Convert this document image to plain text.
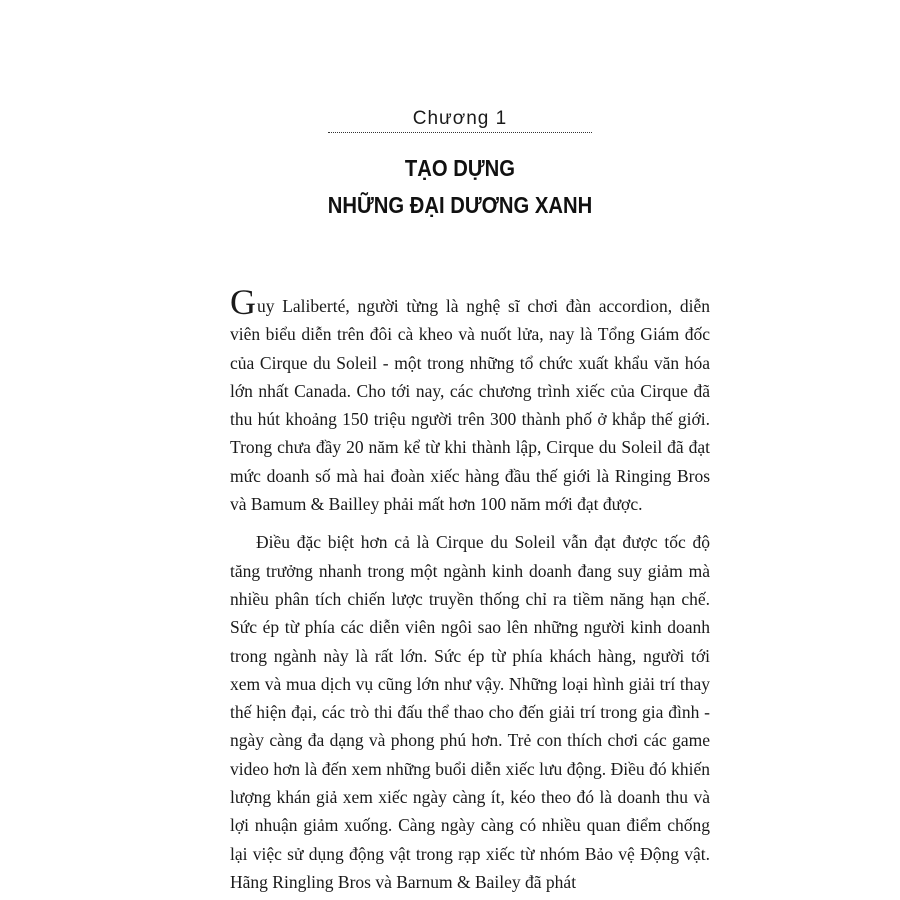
Chương 1
TẠO DỰNG
NHỮNG ĐẠI DƯƠNG XANH

Guy Laliberté, người từng là nghệ sĩ chơi đàn accordion, diễn viên biểu diễn trên đôi cà kheo và nuốt lửa, nay là Tổng Giám đốc của Cirque du Soleil - một trong những tổ chức xuất khẩu văn hóa lớn nhất Canada. Cho tới nay, các chương trình xiếc của Cirque đã thu hút khoảng 150 triệu người trên 300 thành phố ở khắp thế giới. Trong chưa đầy 20 năm kể từ khi thành lập, Cirque du Soleil đã đạt mức doanh số mà hai đoàn xiếc hàng đầu thế giới là Ringing Bros và Bamum & Bailley phải mất hơn 100 năm mới đạt được.

Điều đặc biệt hơn cả là Cirque du Soleil vẫn đạt được tốc độ tăng trưởng nhanh trong một ngành kinh doanh đang suy giảm mà nhiều phân tích chiến lược truyền thống chỉ ra tiềm năng hạn chế. Sức ép từ phía các diễn viên ngôi sao lên những người kinh doanh trong ngành này là rất lớn. Sức ép từ phía khách hàng, người tới xem và mua dịch vụ cũng lớn như vậy. Những loại hình giải trí thay thế hiện đại, các trò thi đấu thể thao cho đến giải trí trong gia đình - ngày càng đa dạng và phong phú hơn. Trẻ con thích chơi các game video hơn là đến xem những buổi diễn xiếc lưu động. Điều đó khiến lượng khán giả xem xiếc ngày càng ít, kéo theo đó là doanh thu và lợi nhuận giảm xuống. Càng ngày càng có nhiều quan điểm chống lại việc sử dụng động vật trong rạp xiếc từ nhóm Bảo vệ Động vật. Hãng Ringling Bros và Barnum & Bailey đã phát
